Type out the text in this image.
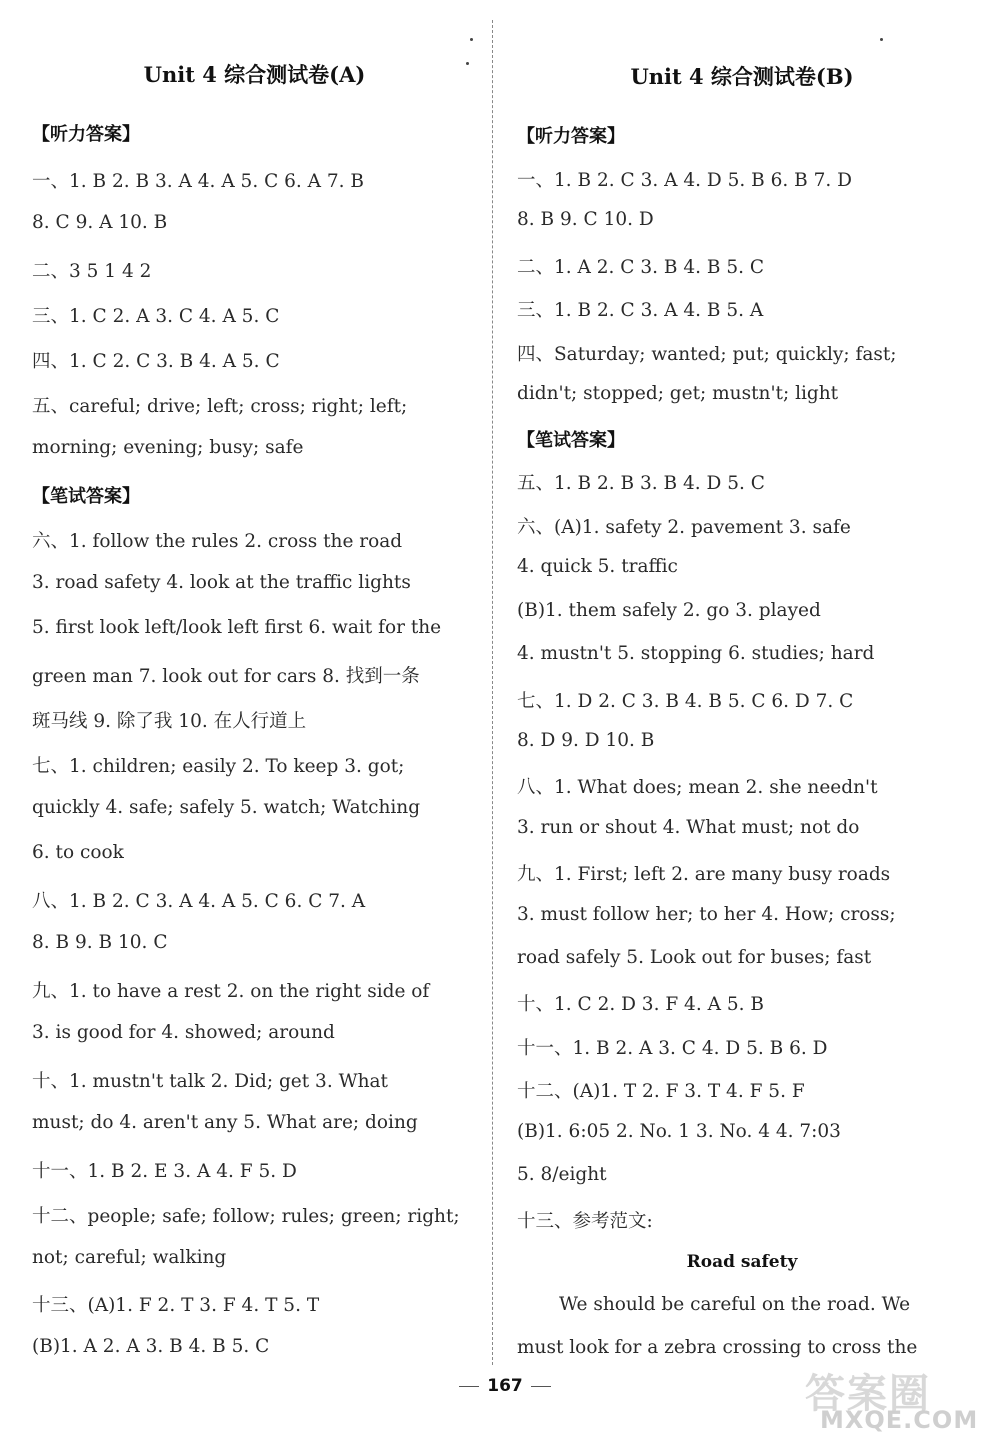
Unit 4 综合测试卷(A)
【听力答案】
一、1. B 2. B 3. A 4. A 5. C 6. A 7. B
8. C 9. A 10. B
二、3 5 1 4 2
三、1. C 2. A 3. C 4. A 5. C
四、1. C 2. C 3. B 4. A 5. C
五、careful; drive; left; cross; right; left;
morning; evening; busy; safe
【笔试答案】
六、1. follow the rules 2. cross the road
3. road safety 4. look at the traffic lights
5. first look left/look left first 6. wait for the
green man 7. look out for cars 8. 找到一条
斑马线 9. 除了我 10. 在人行道上
七、1. children; easily 2. To keep 3. got;
quickly 4. safe; safely 5. watch; Watching
6. to cook
八、1. B 2. C 3. A 4. A 5. C 6. C 7. A
8. B 9. B 10. C
九、1. to have a rest 2. on the right side of
3. is good for 4. showed; around
十、1. mustn't talk 2. Did; get 3. What
must; do 4. aren't any 5. What are; doing
十一、1. B 2. E 3. A 4. F 5. D
十二、people; safe; follow; rules; green; right;
not; careful; walking
十三、(A)1. F 2. T 3. F 4. T 5. T
(B)1. A 2. A 3. B 4. B 5. C
Unit 4 综合测试卷(B)
【听力答案】
一、1. B 2. C 3. A 4. D 5. B 6. B 7. D
8. B 9. C 10. D
二、1. A 2. C 3. B 4. B 5. C
三、1. B 2. C 3. A 4. B 5. A
四、Saturday; wanted; put; quickly; fast;
didn't; stopped; get; mustn't; light
【笔试答案】
五、1. B 2. B 3. B 4. D 5. C
六、(A)1. safety 2. pavement 3. safe
4. quick 5. traffic
(B)1. them safely 2. go 3. played
4. mustn't 5. stopping 6. studies; hard
七、1. D 2. C 3. B 4. B 5. C 6. D 7. C
8. D 9. D 10. B
八、1. What does; mean 2. she needn't
3. run or shout 4. What must; not do
九、1. First; left 2. are many busy roads
3. must follow her; to her 4. How; cross;
road safely 5. Look out for buses; fast
十、1. C 2. D 3. F 4. A 5. B
十一、1. B 2. A 3. C 4. D 5. B 6. D
十二、(A)1. T 2. F 3. T 4. F 5. F
(B)1. 6:05 2. No. 1 3. No. 4 4. 7:03
5. 8/eight
十三、参考范文:
Road safety
We should be careful on the road. We
must look for a zebra crossing to cross the
167	答案圈
MXQE.COM
